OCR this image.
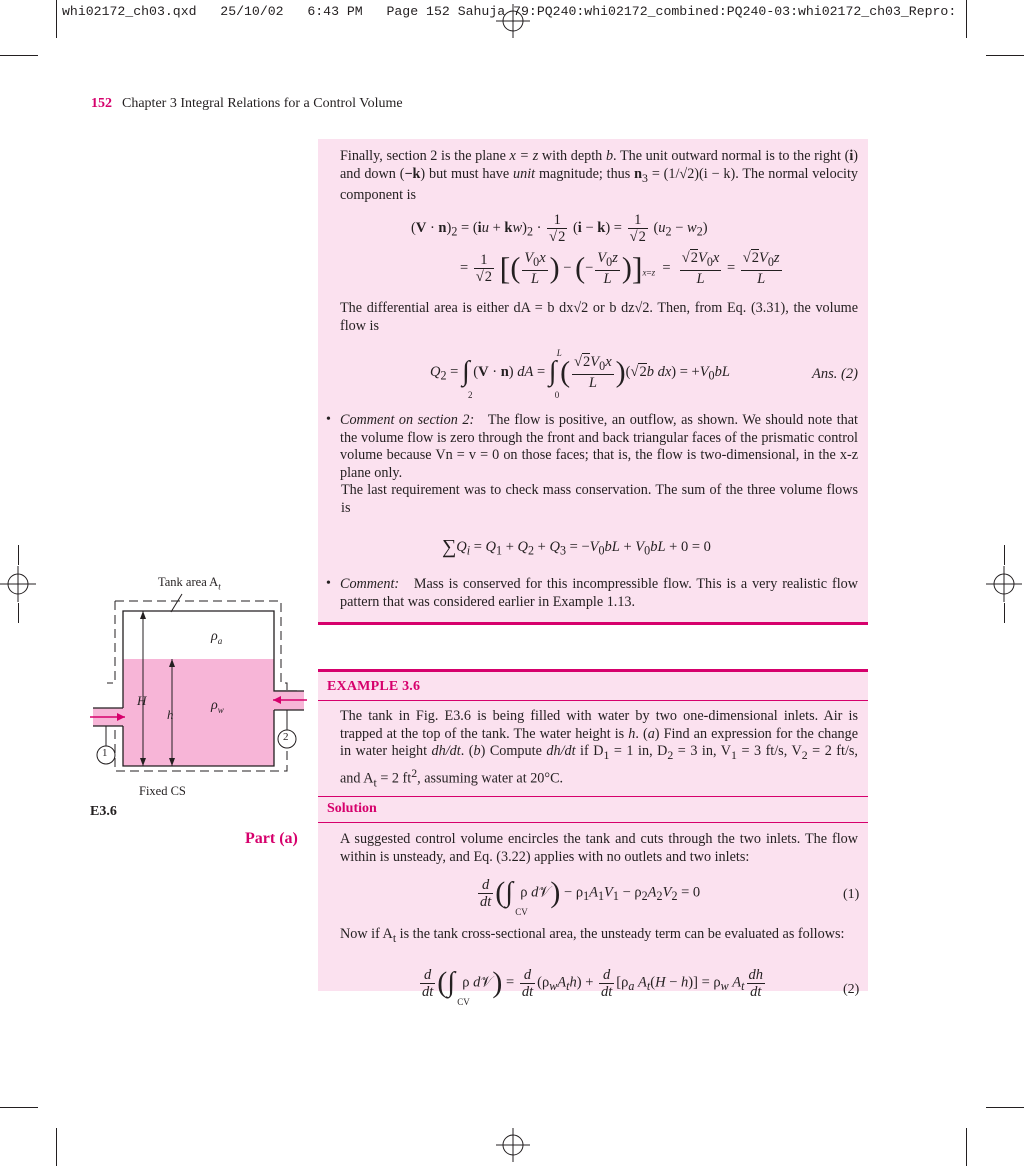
whi02172_ch03.qxd   25/10/02   6:43 PM   Page 152 Sahuja 79:PQ240:whi02172_combined:PQ240-03:whi02172_ch03_Repro:
152 Chapter 3 Integral Relations for a Control Volume
Finally, section 2 is the plane x = z with depth b. The unit outward normal is to the right (i) and down (−k) but must have unit magnitude; thus $n_3 = (1/√2)(i - k)$. The normal velocity component is
$(V \cdot n)_2 = (iu + kw)_2 \cdot \frac{1}{√2} (i - k) = \frac{1}{√2} (u_2 - w_2)$
= $\frac{1}{√2}$ [( $\frac{V_0x}{L}$ ) − (− $\frac{V_0z}{L} )]_{x=z} = \frac{√2V_0x}{L} = \frac{√2V_0z}{L}$
The differential area is either dA = b dx√2 or b dz√2. Then, from Eq. (3.31), the volume flow is
$Q_2$ = ∫
2
(V · n) dA = ∫
L
0
( $\frac{√2V_0x}{L} )(√2b$ $dx) = +V_0bL$	Ans. (2)
• Comment on section 2: The flow is positive, an outflow, as shown. We should note that the volume flow is zero through the front and back triangular faces of the prismatic control volume because Vn = v = 0 on those faces; that is, the flow is two-dimensional, in the x-z plane only.
The last requirement was to check mass conservation. The sum of the three volume flows is
$\sum Q_i = Q_1 + Q_2 + Q_3 = -V_0bL + V_0bL + 0 = 0$
• Comment: Mass is conserved for this incompressible flow. This is a very realistic flow pattern that was considered earlier in Example 1.13.
EXAMPLE 3.6
The tank in Fig. E3.6 is being filled with water by two one-dimensional inlets. Air is trapped at the top of the tank. The water height is h. (a) Find an expression for the change in water height dh/dt. (b) Compute dh/dt if $D_1 = 1$ in, $D_2 = 3$ in, $V_1 = 3$ ft/s, $V_2 = 2$ ft/s, and $A_t = 2$ $ft^2$, assuming water at 20°C.
Solution
Part (a)	A suggested control volume encircles the tank and cuts through the two inlets. The flow within is unsteady, and Eq. (3.22) applies with no outlets and two inlets:
$\frac{d}{dt}$ (∫
CV
ρ d𝒱) − $\rho_1A_1V_1 - \rho_2A_2V_2 = 0$	(1)
Now if $A_t$ is the tank cross-sectional area, the unsteady term can be evaluated as follows:
$\frac{d}{dt}$ (∫
CV
ρ d𝒱) = $\frac{d}{dt} (\rho_wA_th) + \frac{d}{dt} [\rho_a$ $A_t(H - h)] = \rho_w$ $A_t \frac{dh}{dt}$	(2)
Tank area $A_t$
$\rho_a$
$\rho_w$
H
h
1
2
Fixed CS
E3.6
